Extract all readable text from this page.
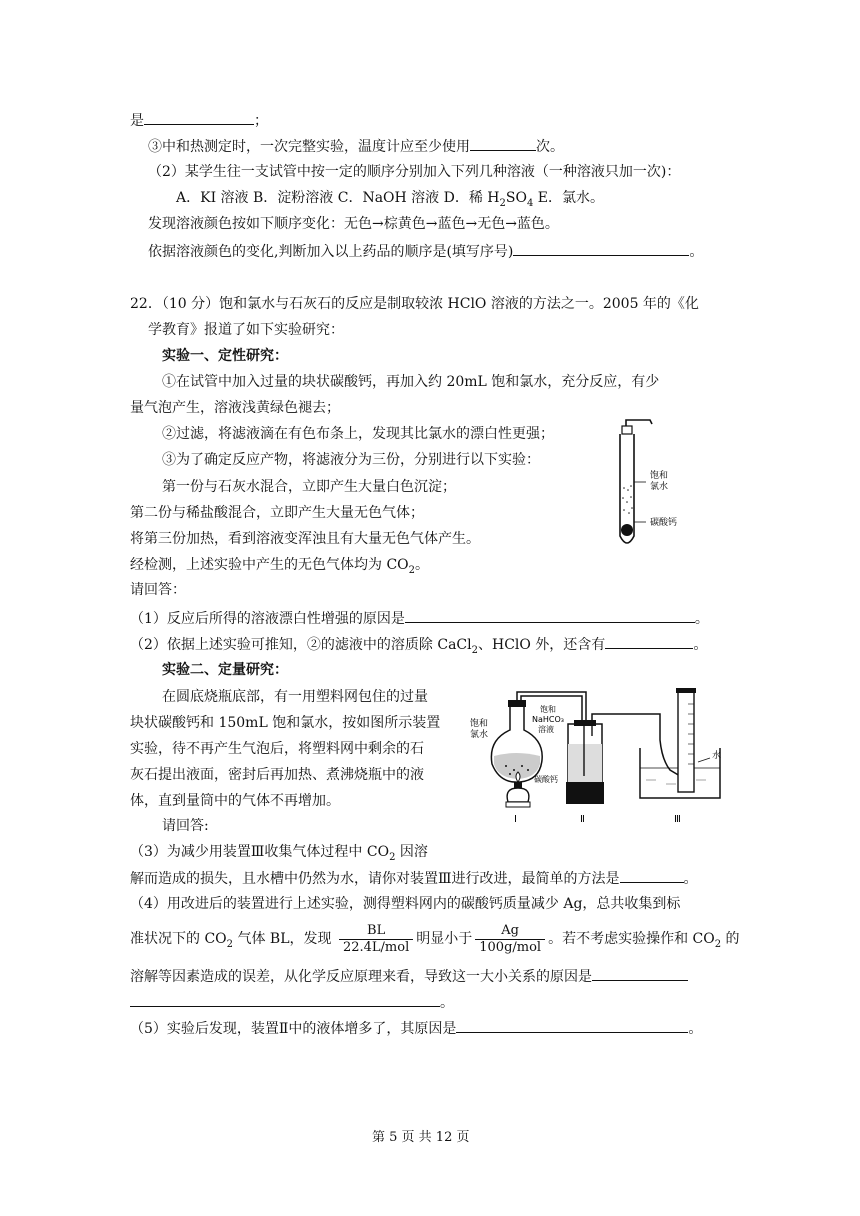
是	；
③中和热测定时，一次完整实验，温度计应至少使用	次。
（2）某学生往一支试管中按一定的顺序分别加入下列几种溶液（一种溶液只加一次)：
A．KI 溶液 B．淀粉溶液 C．NaOH 溶液 D．稀 $H_2SO_4$ E．氯水。
发现溶液颜色按如下顺序变化：无色→棕黄色→蓝色→无色→蓝色。
依据溶液颜色的变化,判断加入以上药品的顺序是(填写序号)	。
22．（10 分）饱和氯水与石灰石的反应是制取较浓 HClO 溶液的方法之一。2005 年的《化
学教育》报道了如下实验研究：
实验一、定性研究：
①在试管中加入过量的块状碳酸钙，再加入约 20mL 饱和氯水，充分反应，有少
量气泡产生，溶液浅黄绿色褪去；
②过滤，将滤液滴在有色布条上，发现其比氯水的漂白性更强；
③为了确定反应产物，将滤液分为三份，分别进行以下实验：
第一份与石灰水混合，立即产生大量白色沉淀；
第二份与稀盐酸混合，立即产生大量无色气体；
将第三份加热，看到溶液变浑浊且有大量无色气体产生。
经检测，上述实验中产生的无色气体均为 $CO_2$。
请回答：
饱和
氯水
碳酸钙
（1）反应后所得的溶液漂白性增强的原因是	。
（2）依据上述实验可推知，②的滤液中的溶质除 CaCl$_2$、HClO 外，还含有	。
实验二、定量研究：
在圆底烧瓶底部，有一用塑料网包住的过量
块状碳酸钙和 150mL 饱和氯水，按如图所示装置
实验，待不再产生气泡后，将塑料网中剩余的石
灰石提出液面，密封后再加热、煮沸烧瓶中的液
体，直到量筒中的气体不再增加。
请回答:
饱和
氯水
饱和
NaHCO₃
溶液
碳酸钙
水
I	Ⅱ	Ⅲ
（3）为减少用装置Ⅲ收集气体过程中 $CO_2$ 因溶
解而造成的损失，且水槽中仍然为水，请你对装置Ⅲ进行改进，最简单的方法是	。
（4）用改进后的装置进行上述实验，测得塑料网内的碳酸钙质量减少 Ag，总共收集到标
准状况下的 $CO_2$ 气体 BL，发现 $\frac{BL}{\text{22.4L/mol}}$ 明显小于 $\frac{Ag}{\text{100g/mol}}$ 。若不考虑实验操作和 $CO_2$ 的
溶解等因素造成的误差，从化学反应原理来看，导致这一大小关系的原因是
。
（5）实验后发现，装置Ⅱ中的液体增多了，其原因是	。
第 5 页 共 12 页
